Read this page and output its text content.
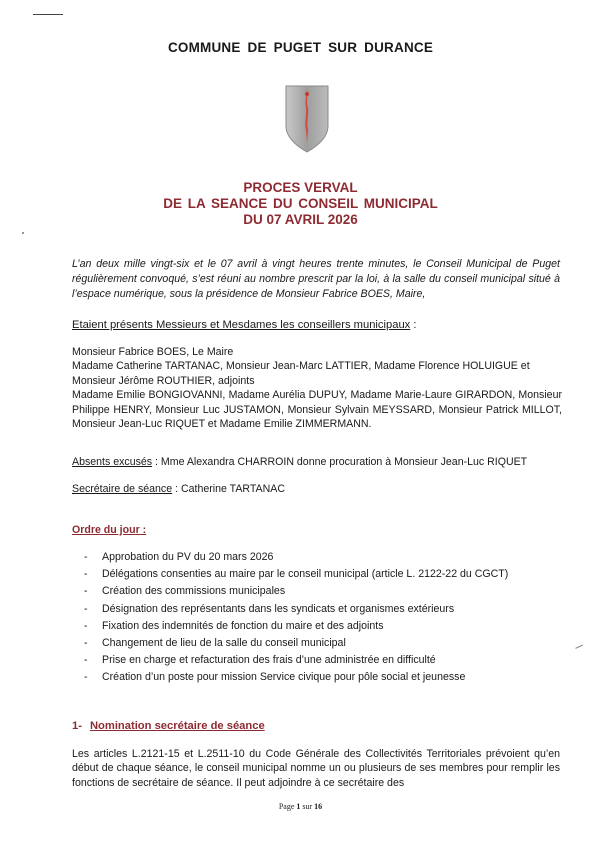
COMMUNE DE PUGET SUR DURANCE
PROCES VERVAL
DE LA SEANCE DU CONSEIL MUNICIPAL
DU 07 AVRIL 2026
L’an deux mille vingt-six et le 07 avril à vingt heures trente minutes, le Conseil Municipal de Puget régulièrement convoqué, s’est réuni au nombre prescrit par la loi, à la salle du conseil municipal situé à l’espace numérique, sous la présidence de Monsieur Fabrice BOES, Maire,
Etaient présents Messieurs et Mesdames les conseillers municipaux :
Monsieur Fabrice BOES, Le Maire
Madame Catherine TARTANAC, Monsieur Jean-Marc LATTIER, Madame Florence HOLUIGUE et Monsieur Jérôme ROUTHIER, adjoints
Madame Emilie BONGIOVANNI, Madame Aurélia DUPUY, Madame Marie-Laure GIRARDON, Monsieur Philippe HENRY, Monsieur Luc JUSTAMON, Monsieur Sylvain MEYSSARD, Monsieur Patrick MILLOT, Monsieur Jean-Luc RIQUET et Madame Emilie ZIMMERMANN.
Absents excusés : Mme Alexandra CHARROIN donne procuration à Monsieur Jean-Luc RIQUET
Secrétaire de séance : Catherine TARTANAC
Ordre du jour :
- Approbation du PV du 20 mars 2026
- Délégations consenties au maire par le conseil municipal (article L. 2122-22 du CGCT)
- Création des commissions municipales
- Désignation des représentants dans les syndicats et organismes extérieurs
- Fixation des indemnités de fonction du maire et des adjoints
- Changement de lieu de la salle du conseil municipal
- Prise en charge et refacturation des frais d’une administrée en difficulté
- Création d’un poste pour mission Service civique pour pôle social et jeunesse
1- Nomination secrétaire de séance
Les articles L.2121-15 et L.2511-10 du Code Générale des Collectivités Territoriales prévoient qu’en début de chaque séance, le conseil municipal nomme un ou plusieurs de ses membres pour remplir les fonctions de secrétaire de séance. Il peut adjoindre à ce secrétaire des
Page 1 sur 16
